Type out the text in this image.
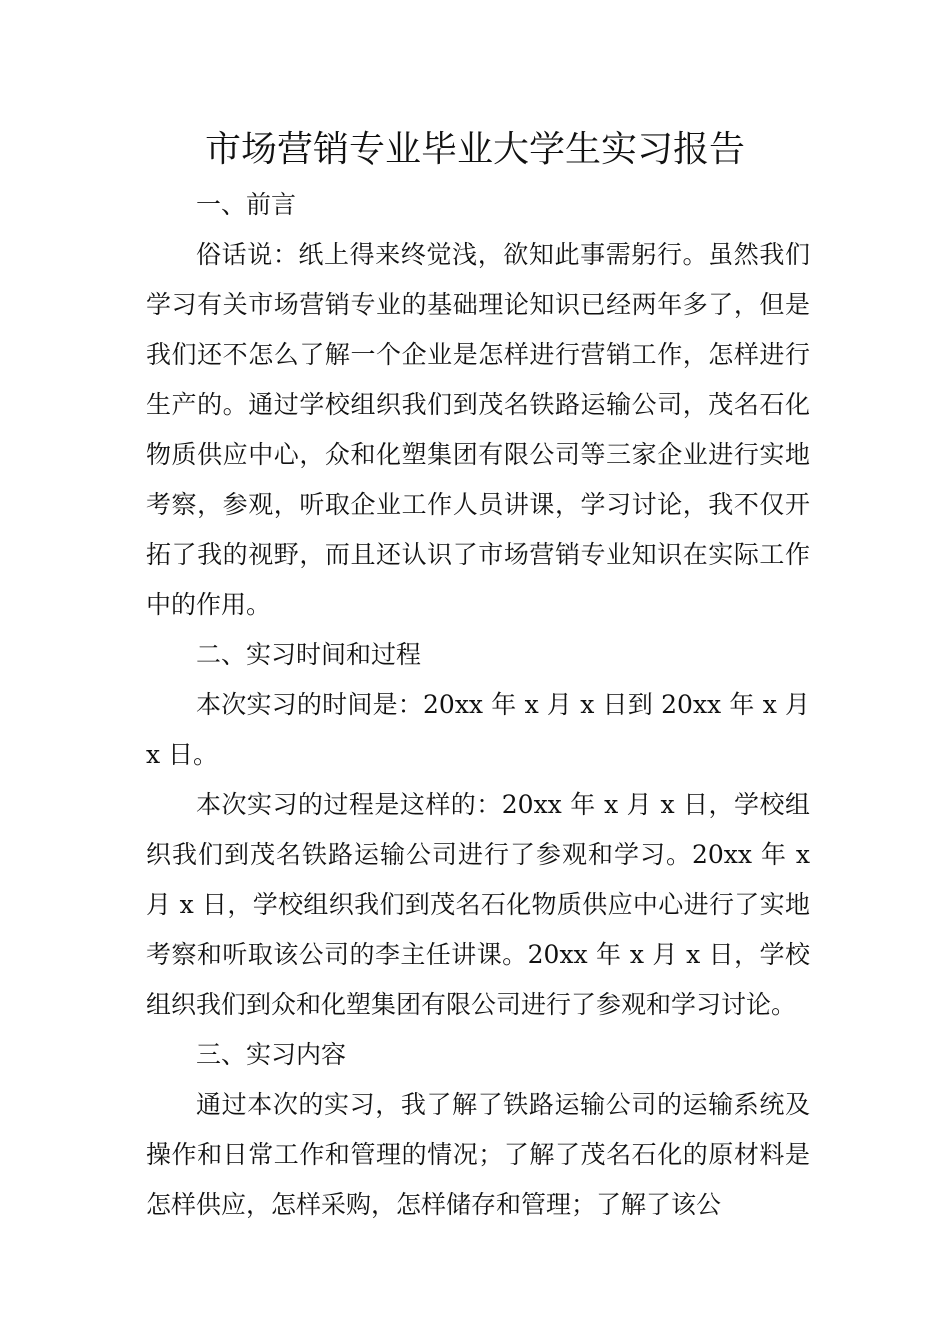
市场营销专业毕业大学生实习报告

一、前言

俗话说：纸上得来终觉浅，欲知此事需躬行。虽然我们学习有关市场营销专业的基础理论知识已经两年多了，但是我们还不怎么了解一个企业是怎样进行营销工作，怎样进行生产的。通过学校组织我们到茂名铁路运输公司，茂名石化物质供应中心，众和化塑集团有限公司等三家企业进行实地考察，参观，听取企业工作人员讲课，学习讨论，我不仅开拓了我的视野，而且还认识了市场营销专业知识在实际工作中的作用。

二、实习时间和过程

本次实习的时间是：20xx 年 x 月 x 日到 20xx 年 x 月 x 日。

本次实习的过程是这样的：20xx 年 x 月 x 日，学校组织我们到茂名铁路运输公司进行了参观和学习。20xx 年 x 月 x 日，学校组织我们到茂名石化物质供应中心进行了实地考察和听取该公司的李主任讲课。20xx 年 x 月 x 日，学校组织我们到众和化塑集团有限公司进行了参观和学习讨论。

三、实习内容

通过本次的实习，我了解了铁路运输公司的运输系统及操作和日常工作和管理的情况；了解了茂名石化的原材料是怎样供应，怎样采购，怎样储存和管理；了解了该公
